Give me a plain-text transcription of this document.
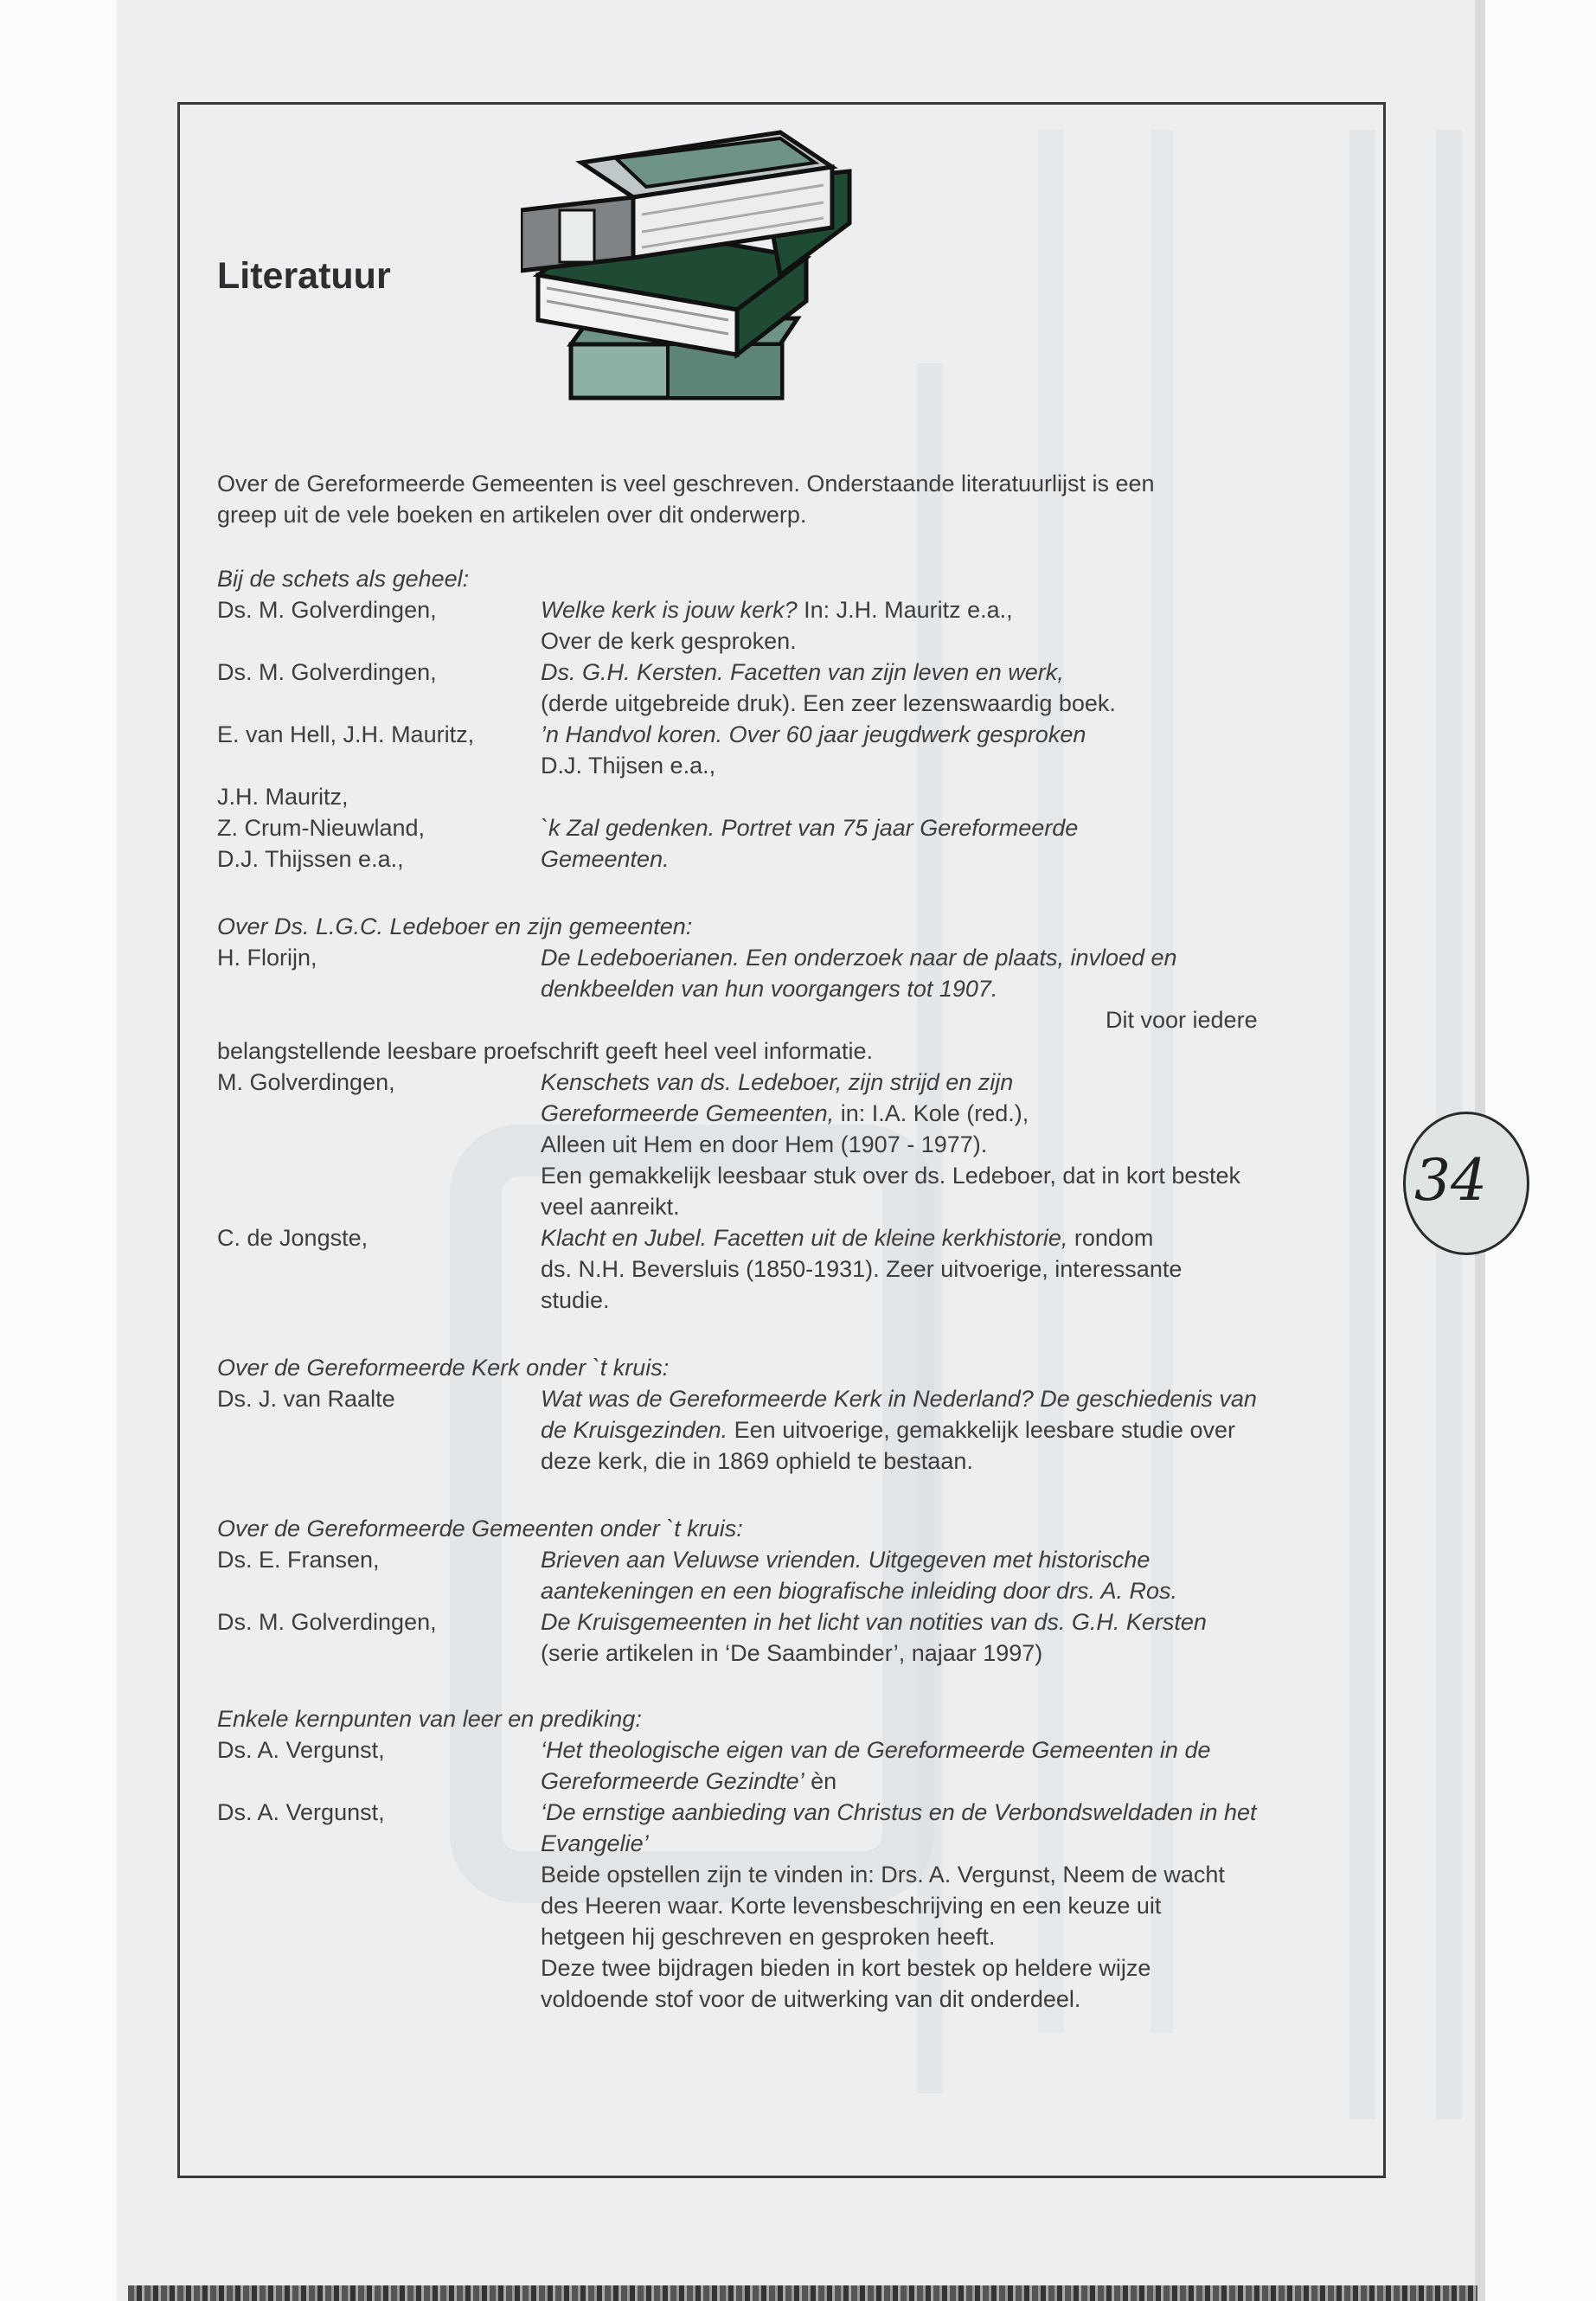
Literatuur
34
Over de Gereformeerde Gemeenten is veel geschreven. Onderstaande literatuurlijst is een
greep uit de vele boeken en artikelen over dit onderwerp.
Bij de schets als geheel:
Ds. M. Golverdingen,	Welke kerk is jouw kerk? In: J.H. Mauritz e.a.,
Over de kerk gesproken.
Ds. M. Golverdingen,	Ds. G.H. Kersten. Facetten van zijn leven en werk,
(derde uitgebreide druk). Een zeer lezenswaardig boek.
E. van Hell, J.H. Mauritz,	’n Handvol koren. Over 60 jaar jeugdwerk gesproken
D.J. Thijsen e.a.,
J.H. Mauritz,
Z. Crum-Nieuwland,	`k Zal gedenken. Portret van 75 jaar Gereformeerde
D.J. Thijssen e.a.,	Gemeenten.
Over Ds. L.G.C. Ledeboer en zijn gemeenten:
H. Florijn,	De Ledeboerianen. Een onderzoek naar de plaats, invloed en
denkbeelden van hun voorgangers tot 1907.
Dit voor iedere
belangstellende leesbare proefschrift geeft heel veel informatie.
M. Golverdingen,	Kenschets van ds. Ledeboer, zijn strijd en zijn
Gereformeerde Gemeenten, in: I.A. Kole (red.),
Alleen uit Hem en door Hem (1907 - 1977).
Een gemakkelijk leesbaar stuk over ds. Ledeboer, dat in kort bestek
veel aanreikt.
C. de Jongste,	Klacht en Jubel. Facetten uit de kleine kerkhistorie, rondom
ds. N.H. Beversluis (1850-1931). Zeer uitvoerige, interessante
studie.
Over de Gereformeerde Kerk onder `t kruis:
Ds. J. van Raalte	Wat was de Gereformeerde Kerk in Nederland? De geschiedenis van
de Kruisgezinden. Een uitvoerige, gemakkelijk leesbare studie over
deze kerk, die in 1869 ophield te bestaan.
Over de Gereformeerde Gemeenten onder `t kruis:
Ds. E. Fransen,	Brieven aan Veluwse vrienden. Uitgegeven met historische
aantekeningen en een biografische inleiding door drs. A. Ros.
Ds. M. Golverdingen,	De Kruisgemeenten in het licht van notities van ds. G.H. Kersten
(serie artikelen in ‘De Saambinder’, najaar 1997)
Enkele kernpunten van leer en prediking:
Ds. A. Vergunst,	‘Het theologische eigen van de Gereformeerde Gemeenten in de
Gereformeerde Gezindte’ èn
Ds. A. Vergunst,	‘De ernstige aanbieding van Christus en de Verbondsweldaden in het
Evangelie’
Beide opstellen zijn te vinden in: Drs. A. Vergunst, Neem de wacht
des Heeren waar. Korte levensbeschrijving en een keuze uit
hetgeen hij geschreven en gesproken heeft.
Deze twee bijdragen bieden in kort bestek op heldere wijze
voldoende stof voor de uitwerking van dit onderdeel.
